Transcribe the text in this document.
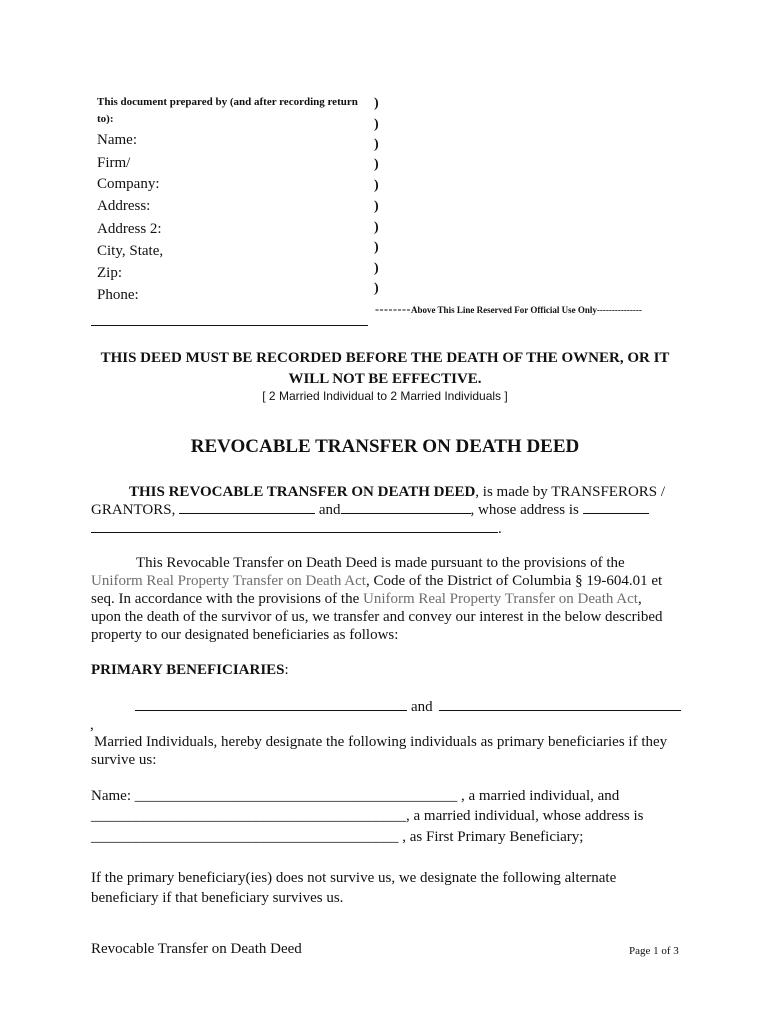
This document prepared by (and after recording return to):
Name:
Firm/
Company:
Address:
Address 2:
City, State,
Zip:
Phone:
)
)
)
)
)
)
)
)
)
)
--------Above This Line Reserved For Official Use Only---------------
THIS DEED MUST BE RECORDED BEFORE THE DEATH OF THE OWNER, OR IT
WILL NOT BE EFFECTIVE.
[ 2 Married Individual to 2 Married Individuals ]
REVOCABLE TRANSFER ON DEATH DEED
THIS REVOCABLE TRANSFER ON DEATH DEED, is made by TRANSFERORS /
GRANTORS,	and	, whose address is
.
This Revocable Transfer on Death Deed is made pursuant to the provisions of the
Uniform Real Property Transfer on Death Act, Code of the District of Columbia § 19-604.01 et
seq. In accordance with the provisions of the Uniform Real Property Transfer on Death Act,
upon the death of the survivor of us, we transfer and convey our interest in the below described
property to our designated beneficiaries as follows:
PRIMARY BENEFICIARIES:
and
,
Married Individuals, hereby designate the following individuals as primary beneficiaries if they
survive us:
Name: ___________________________________________ , a married individual, and
__________________________________________, a married individual, whose address is
_________________________________________ , as First Primary Beneficiary;
If the primary beneficiary(ies) does not survive us, we designate the following alternate
beneficiary if that beneficiary survives us.
Revocable Transfer on Death Deed	Page 1 of 3
